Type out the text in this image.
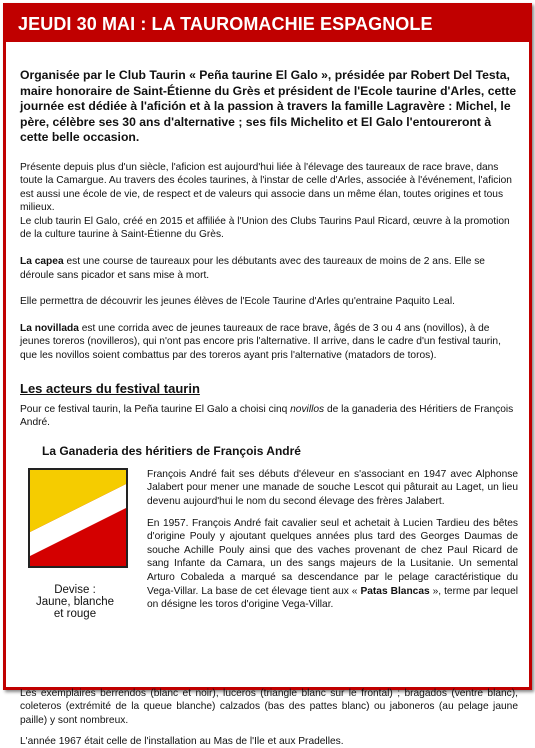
JEUDI 30 MAI : LA TAUROMACHIE ESPAGNOLE

Organisée par le Club Taurin « Peña taurine El Galo », présidée par Robert Del Testa, maire honoraire de Saint-Étienne du Grès et président de l'Ecole taurine d'Arles, cette journée est dédiée à l'afición et à la passion à travers la famille Lagravère : Michel, le père, célèbre ses 30 ans d'alternative ; ses fils Michelito et El Galo l'entoureront à cette belle occasion.

Présente depuis plus d'un siècle, l'aficion est aujourd'hui liée à l'élevage des taureaux de race brave, dans toute la Camargue. Au travers des écoles taurines, à l'instar de celle d'Arles, associée à l'événement, l'aficion est aussi une école de vie, de respect et de valeurs qui associe dans un même élan, toutes origines et tous milieux.

Le club taurin El Galo, créé en 2015 et affiliée à l'Union des Clubs Taurins Paul Ricard, œuvre à la promotion de la culture taurine à Saint-Étienne du Grès.

La capea est une course de taureaux pour les débutants avec des taureaux de moins de 2 ans. Elle se déroule sans picador et sans mise à mort.

Elle permettra de découvrir les jeunes élèves de l'Ecole Taurine d'Arles qu'entraine Paquito Leal.

La novillada est une corrida avec de jeunes taureaux de race brave, âgés de 3 ou 4 ans (novillos), à de jeunes toreros (novilleros), qui n'ont pas encore pris l'alternative. Il arrive, dans le cadre d'un festival taurin, que les novillos soient combattus par des toreros ayant pris l'alternative (matadors de toros).

Les acteurs du festival taurin

Pour ce festival taurin, la Peña taurine El Galo a choisi cinq novillos de la ganaderia des Héritiers de François André.

La Ganaderia des héritiers de François André
Devise :
Jaune, blanche
et rouge

François André fait ses débuts d'éleveur en s'associant en 1947 avec Alphonse Jalabert pour mener une manade de souche Lescot qui pâturait au Laget, un lieu devenu aujourd'hui le nom du second élevage des frères Jalabert.

En 1957. François André fait cavalier seul et achetait à Lucien Tardieu des bêtes d'origine Pouly y ajoutant quelques années plus tard des Georges Daumas de souche Achille Pouly ainsi que des vaches provenant de chez Paul Ricard de sang Infante da Camara, un des sangs majeurs de la Lusitanie. Un semental Arturo Cobaleda a marqué sa descendance par le pelage caractéristique du Vega-Villar. La base de cet élevage tient aux « Patas Blancas », terme par lequel on désigne les toros d'origine Vega-Villar.

Les exemplaires berrendos (blanc et noir), luceros (triangle blanc sur le frontal) ; bragados (ventre blanc), coleteros (extrémité de la queue blanche) calzados (bas des pattes blanc) ou jaboneros (au pelage jaune paille) y sont nombreux.

L'année 1967 était celle de l'installation au Mas de l'Ile et aux Pradelles.
